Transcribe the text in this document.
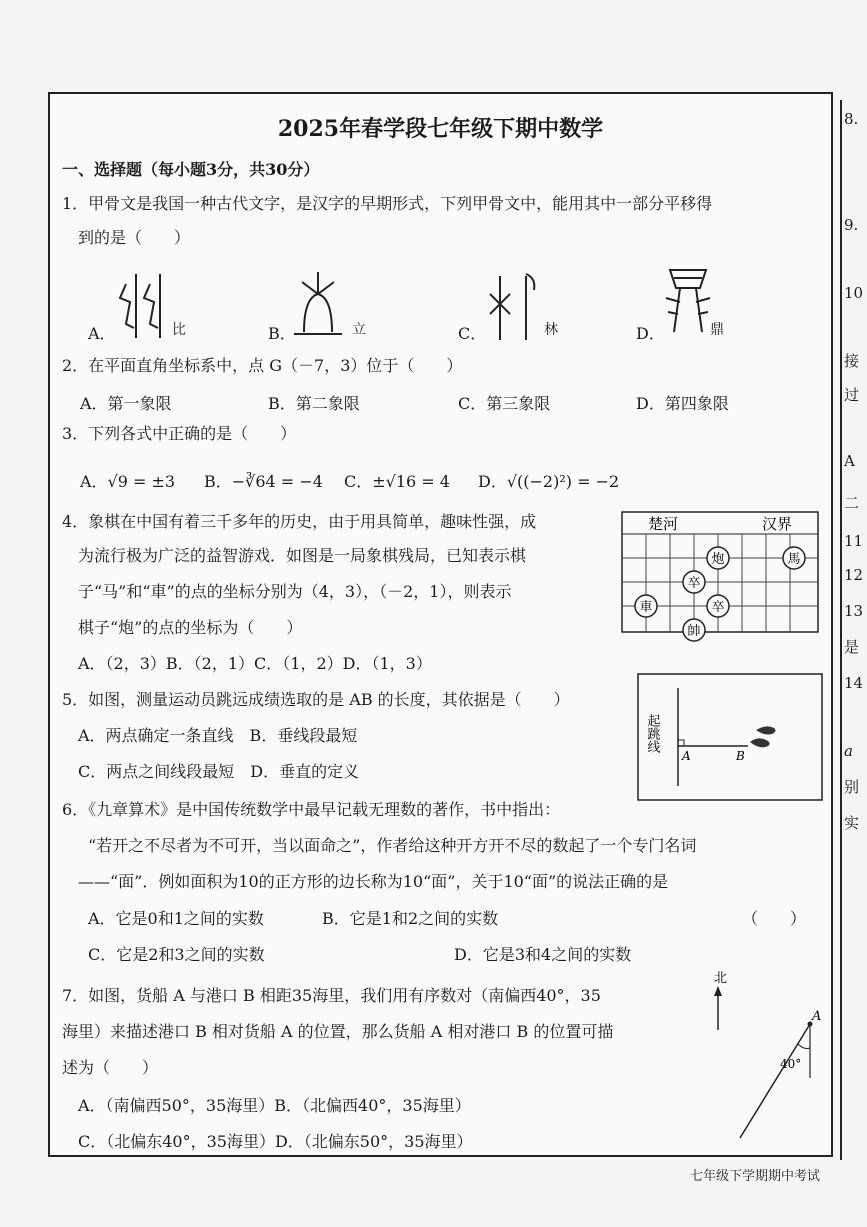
2025年春学段七年级下期中数学
一、选择题（每小题3分，共30分）
1．甲骨文是我国一种古代文字，是汉字的早期形式，下列甲骨文中，能用其中一部分平移得
到的是（　　）
A．	比	B．	立	C．	林	D．	鼎
2．在平面直角坐标系中，点 G（－7，3）位于（　　）
A．第一象限	B．第二象限	C．第三象限	D．第四象限
3．下列各式中正确的是（　　）
A．√9 = ±3 B．−∛64 = −4 C．±√16 = 4 D．√((−2)²) = −2
4．象棋在中国有着三千多年的历史，由于用具简单，趣味性强，成
为流行极为广泛的益智游戏．如图是一局象棋残局，已知表示棋
子“马”和“車”的点的坐标分别为（4，3），（－2，1），则表示
棋子“炮”的点的坐标为（　　）
A．（2，3）B．（2，1）C．（1，2）D．（1，3）
楚河	汉界
炮	馬
卒
車	卒
帥
5．如图，测量运动员跳远成绩选取的是 AB 的长度，其依据是（　　）
A．两点确定一条直线　B．垂线段最短
C．两点之间线段最短　D．垂直的定义
起跳线
A	B
6．《九章算术》是中国传统数学中最早记载无理数的著作，书中指出：
“若开之不尽者为不可开，当以面命之”，作者给这种开方开不尽的数起了一个专门名词
——“面”．例如面积为10的正方形的边长称为10“面”，关于10“面”的说法正确的是
A．它是0和1之间的实数	B．它是1和2之间的实数	（　　）
C．它是2和3之间的实数	D．它是3和4之间的实数
7．如图，货船 A 与港口 B 相距35海里，我们用有序数对（南偏西40°，35
海里）来描述港口 B 相对货船 A 的位置，那么货船 A 相对港口 B 的位置可描
述为（　　）
A．（南偏西50°，35海里）B．（北偏西40°，35海里）
C．（北偏东40°，35海里）D．（北偏东50°，35海里）
北
A
40°
8.
9.
10
接
过
A
二
11
12
13
是
14
a
别
实
七年级下学期期中考试
